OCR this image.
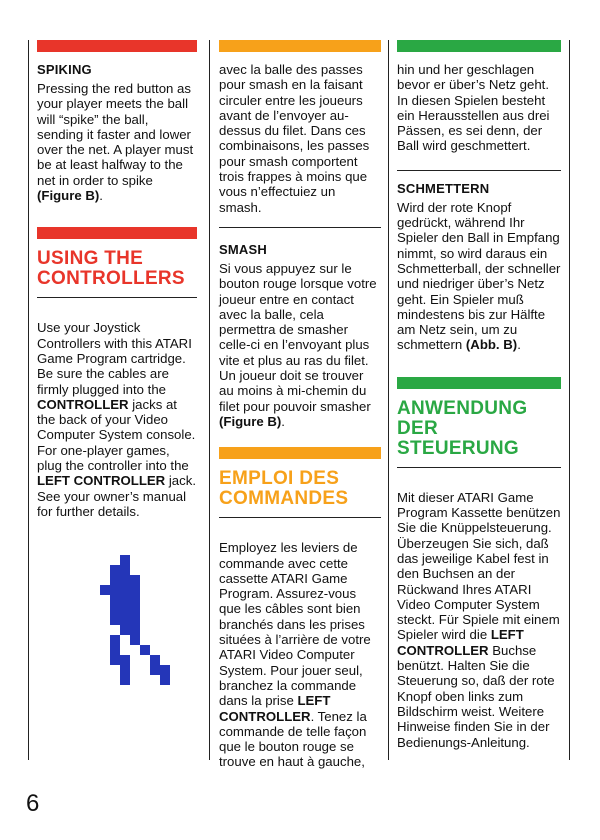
SPIKING

Pressing the red button as your player meets the ball will “spike” the ball, sending it faster and lower over the net. A player must be at least halfway to the net in order to spike (Figure B).

USING THE
CONTROLLERS

Use your Joystick Controllers with this ATARI Game Program cartridge. Be sure the cables are firmly plugged into the CONTROLLER jacks at the back of your Video Computer System console. For one-player games, plug the controller into the LEFT CONTROLLER jack. See your owner’s manual for further details.

avec la balle des passes pour smash en la faisant circuler entre les joueurs avant de l’envoyer au-dessus du filet. Dans ces combinaisons, les passes pour smash comportent trois frappes à moins que vous n’effectuiez un smash.

SMASH

Si vous appuyez sur le bouton rouge lorsque votre joueur entre en contact avec la balle, cela permettra de smasher celle-ci en l’envoyant plus vite et plus au ras du filet. Un joueur doit se trouver au moins à mi-chemin du filet pour pouvoir smasher (Figure B).

EMPLOI DES
COMMANDES

Employez les leviers de commande avec cette cassette ATARI Game Program. Assurez-vous que les câbles sont bien branchés dans les prises situées à l’arrière de votre ATARI Video Computer System. Pour jouer seul, branchez la commande dans la prise LEFT CONTROLLER. Tenez la commande de telle façon que le bouton rouge se trouve en haut à gauche,

hin und her geschlagen bevor er über’s Netz geht. In diesen Spielen besteht ein Herausstellen aus drei Pässen, es sei denn, der Ball wird geschmettert.

SCHMETTERN

Wird der rote Knopf gedrückt, während Ihr Spieler den Ball in Empfang nimmt, so wird daraus ein Schmetterball, der schneller und niedriger über’s Netz geht. Ein Spieler muß mindestens bis zur Hälfte am Netz sein, um zu schmettern (Abb. B).

ANWENDUNG
DER STEUERUNG

Mit dieser ATARI Game Program Kassette benützen Sie die Knüppelsteuerung. Überzeugen Sie sich, daß das jeweilige Kabel fest in den Buchsen an der Rückwand Ihres ATARI Video Computer System steckt. Für Spiele mit einem Spieler wird die LEFT CONTROLLER Buchse benützt. Halten Sie die Steuerung so, daß der rote Knopf oben links zum Bildschirm weist. Weitere Hinweise finden Sie in der Bedienungs-Anleitung.

6
